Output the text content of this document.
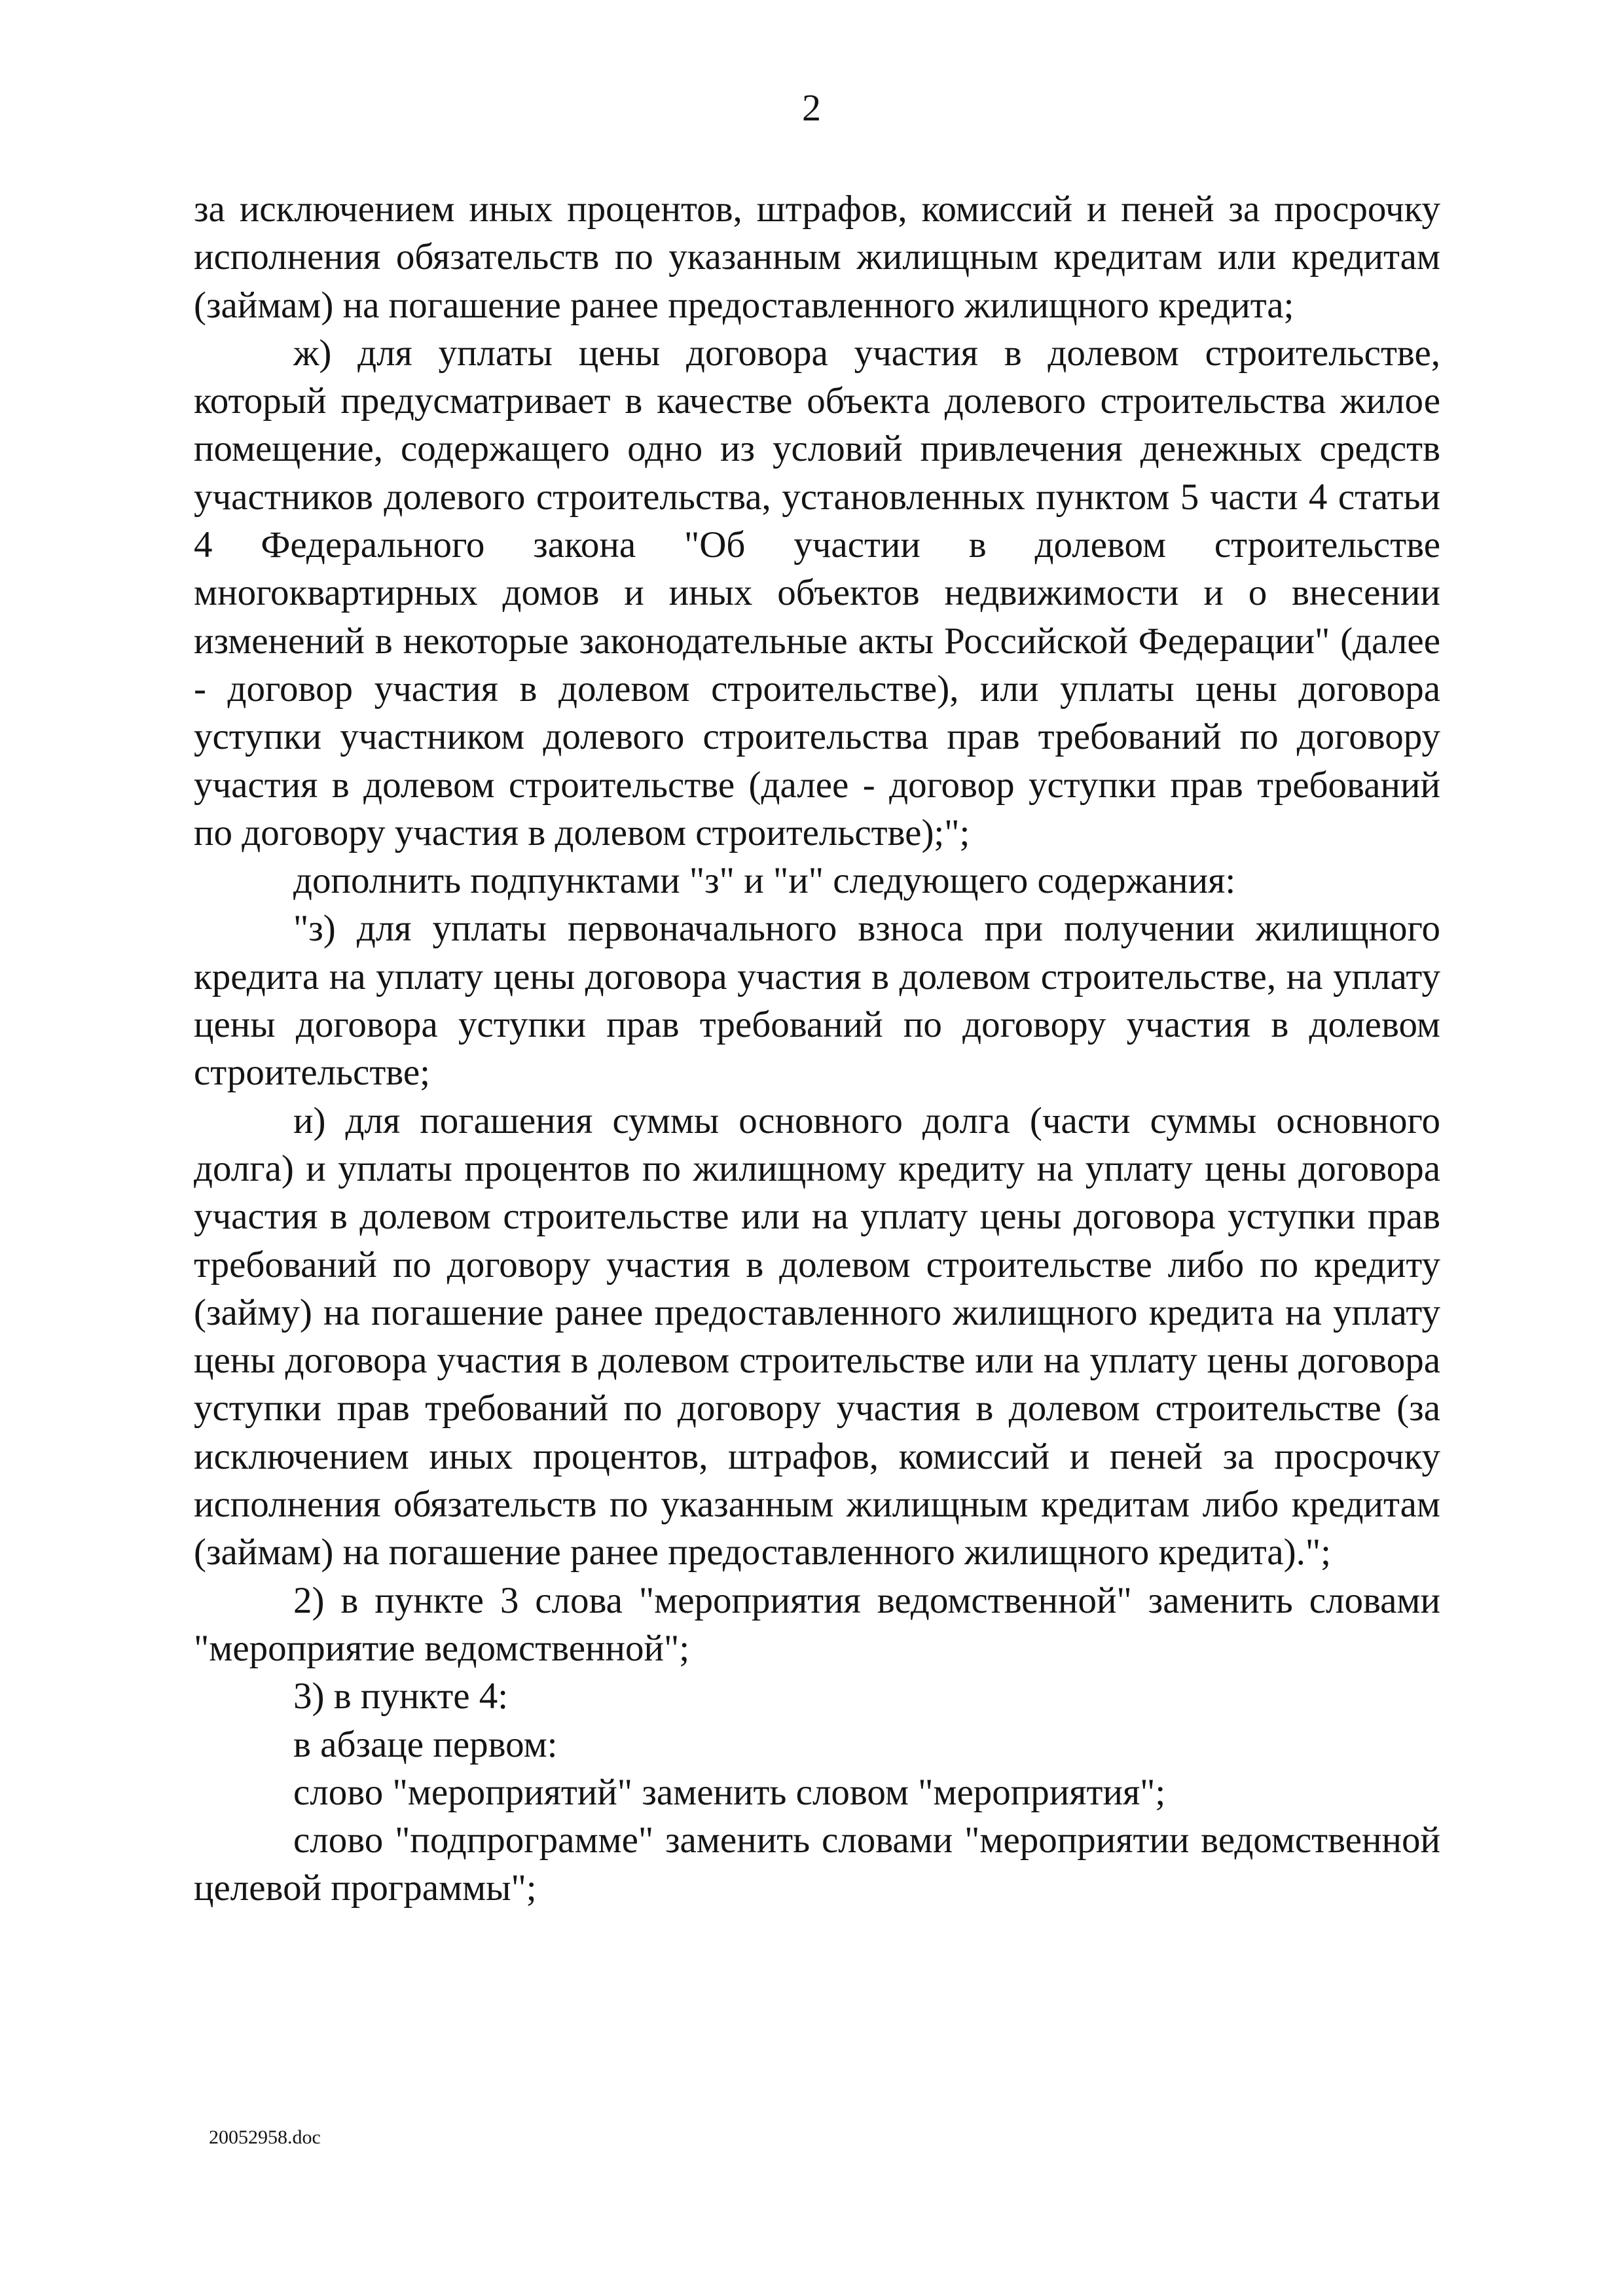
2

за исключением иных процентов, штрафов, комиссий и пеней за просрочку исполнения обязательств по указанным жилищным кредитам или кредитам (займам) на погашение ранее предоставленного жилищного кредита;

ж) для уплаты цены договора участия в долевом строительстве, который предусматривает в качестве объекта долевого строительства жилое помещение, содержащего одно из условий привлечения денежных средств участников долевого строительства, установленных пунктом 5 части 4 статьи 4 Федерального закона "Об участии в долевом строительстве многоквартирных домов и иных объектов недвижимости и о внесении изменений в некоторые законодательные акты Российской Федерации" (далее - договор участия в долевом строительстве), или уплаты цены договора уступки участником долевого строительства прав требований по договору участия в долевом строительстве (далее - договор уступки прав требований по договору участия в долевом строительстве);";

дополнить подпунктами "з" и "и" следующего содержания:

"з) для уплаты первоначального взноса при получении жилищного кредита на уплату цены договора участия в долевом строительстве, на уплату цены договора уступки прав требований по договору участия в долевом строительстве;

и) для погашения суммы основного долга (части суммы основного долга) и уплаты процентов по жилищному кредиту на уплату цены договора участия в долевом строительстве или на уплату цены договора уступки прав требований по договору участия в долевом строительстве либо по кредиту (займу) на погашение ранее предоставленного жилищного кредита на уплату цены договора участия в долевом строительстве или на уплату цены договора уступки прав требований по договору участия в долевом строительстве (за исключением иных процентов, штрафов, комиссий и пеней за просрочку исполнения обязательств по указанным жилищным кредитам либо кредитам (займам) на погашение ранее предоставленного жилищного кредита).";

2) в пункте 3 слова "мероприятия ведомственной" заменить словами "мероприятие ведомственной";

3) в пункте 4:

в абзаце первом:

слово "мероприятий" заменить словом "мероприятия";

слово "подпрограмме" заменить словами "мероприятии ведомственной целевой программы";

20052958.doc
